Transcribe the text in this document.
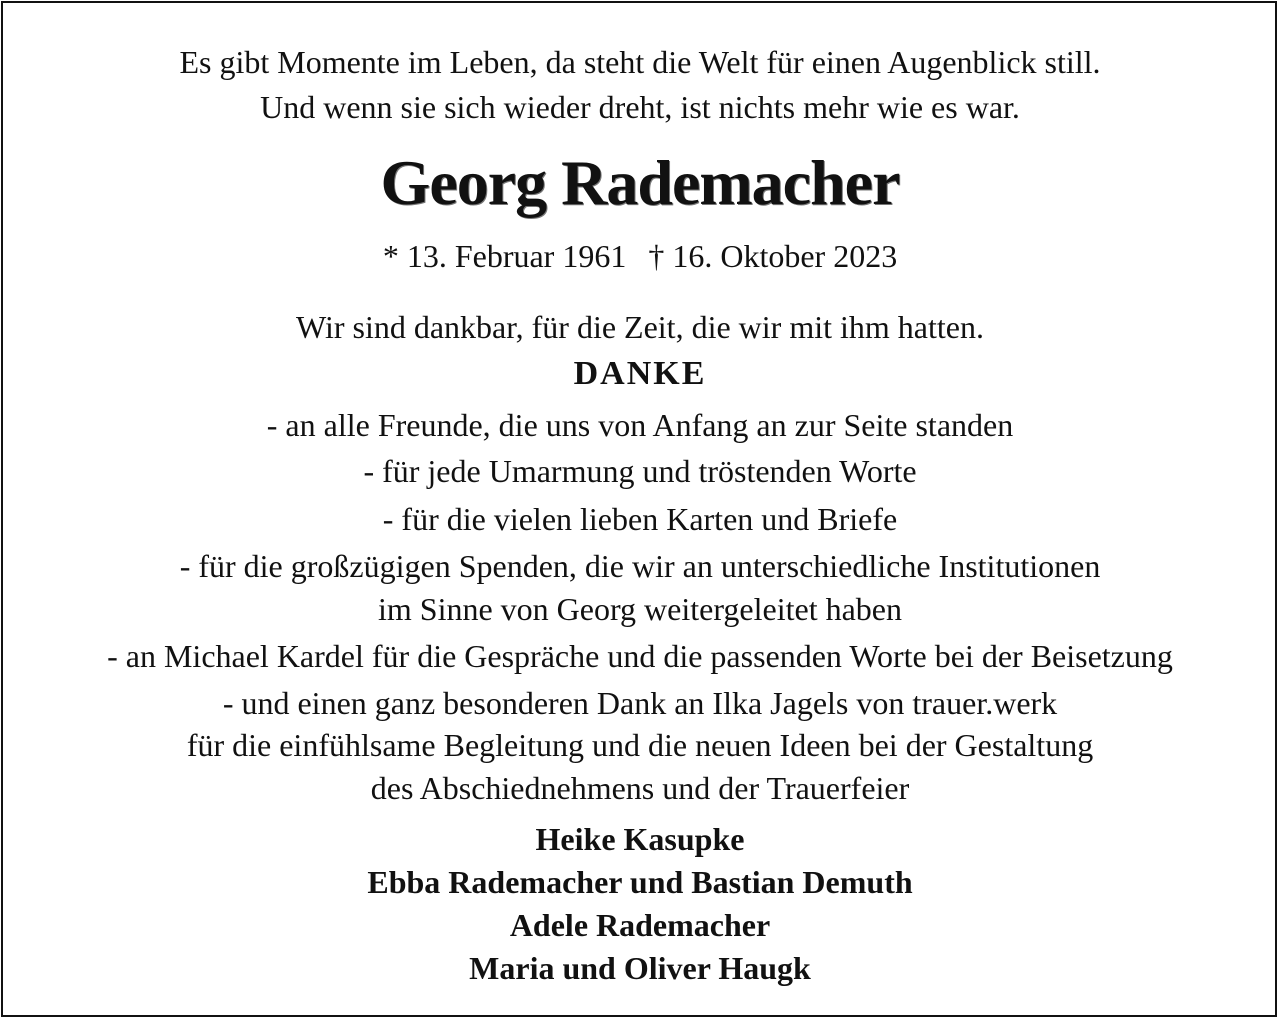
Es gibt Momente im Leben, da steht die Welt für einen Augenblick still.
Und wenn sie sich wieder dreht, ist nichts mehr wie es war.
Georg Rademacher
* 13. Februar 1961 † 16. Oktober 2023
Wir sind dankbar, für die Zeit, die wir mit ihm hatten.
DANKE
- an alle Freunde, die uns von Anfang an zur Seite standen
- für jede Umarmung und tröstenden Worte
- für die vielen lieben Karten und Briefe
- für die großzügigen Spenden, die wir an unterschiedliche Institutionen
im Sinne von Georg weitergeleitet haben
- an Michael Kardel für die Gespräche und die passenden Worte bei der Beisetzung
- und einen ganz besonderen Dank an Ilka Jagels von trauer.werk
für die einfühlsame Begleitung und die neuen Ideen bei der Gestaltung
des Abschiednehmens und der Trauerfeier
Heike Kasupke
Ebba Rademacher und Bastian Demuth
Adele Rademacher
Maria und Oliver Haugk
